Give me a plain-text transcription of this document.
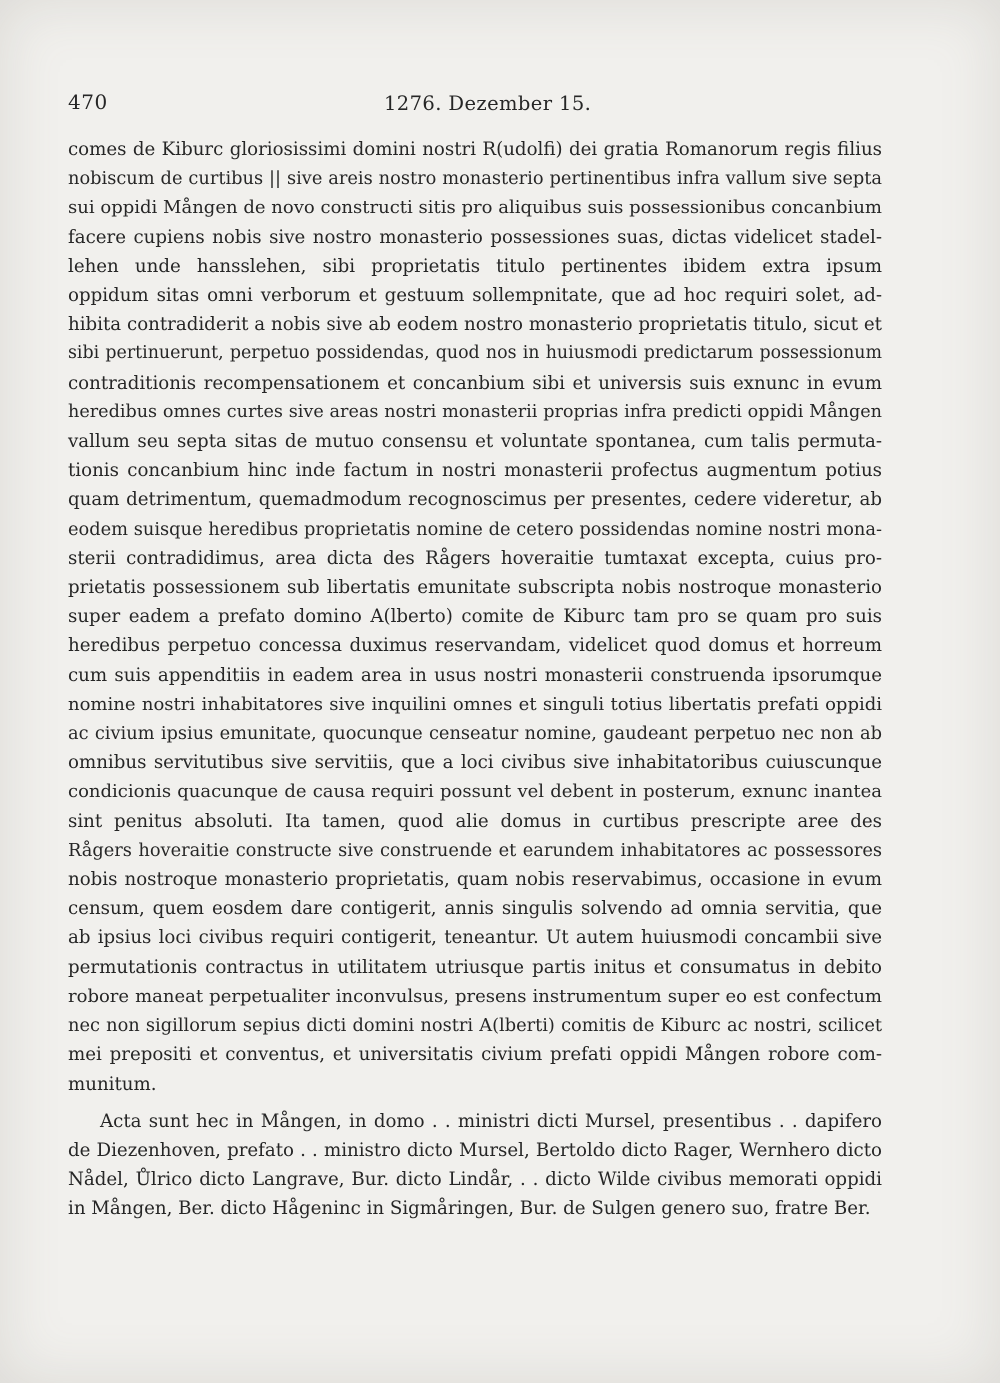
470	1276. Dezember 15.
comes de Kiburc gloriosissimi domini nostri R(udolfi) dei gratia Romanorum regis filius
nobiscum de curtibus || sive areis nostro monasterio pertinentibus infra vallum sive septa
sui oppidi Mången de novo constructi sitis pro aliquibus suis possessionibus concanbium
facere cupiens nobis sive nostro monasterio possessiones suas, dictas videlicet stadel-
lehen unde hansslehen, sibi proprietatis titulo pertinentes ibidem extra ipsum
oppidum sitas omni verborum et gestuum sollempnitate, que ad hoc requiri solet, ad-
hibita contradiderit a nobis sive ab eodem nostro monasterio proprietatis titulo, sicut et
sibi pertinuerunt, perpetuo possidendas, quod nos in huiusmodi predictarum possessionum
contraditionis recompensationem et concanbium sibi et universis suis exnunc in evum
heredibus omnes curtes sive areas nostri monasterii proprias infra predicti oppidi Mången
vallum seu septa sitas de mutuo consensu et voluntate spontanea, cum talis permuta-
tionis concanbium hinc inde factum in nostri monasterii profectus augmentum potius
quam detrimentum, quemadmodum recognoscimus per presentes, cedere videretur, ab
eodem suisque heredibus proprietatis nomine de cetero possidendas nomine nostri mona-
sterii contradidimus, area dicta des Rågers hoveraitie tumtaxat excepta, cuius pro-
prietatis possessionem sub libertatis emunitate subscripta nobis nostroque monasterio
super eadem a prefato domino A(lberto) comite de Kiburc tam pro se quam pro suis
heredibus perpetuo concessa duximus reservandam, videlicet quod domus et horreum
cum suis appenditiis in eadem area in usus nostri monasterii construenda ipsorumque
nomine nostri inhabitatores sive inquilini omnes et singuli totius libertatis prefati oppidi
ac civium ipsius emunitate, quocunque censeatur nomine, gaudeant perpetuo nec non ab
omnibus servitutibus sive servitiis, que a loci civibus sive inhabitatoribus cuiuscunque
condicionis quacunque de causa requiri possunt vel debent in posterum, exnunc inantea
sint penitus absoluti. Ita tamen, quod alie domus in curtibus prescripte aree des
Rågers hoveraitie constructe sive construende et earundem inhabitatores ac possessores
nobis nostroque monasterio proprietatis, quam nobis reservabimus, occasione in evum
censum, quem eosdem dare contigerit, annis singulis solvendo ad omnia servitia, que
ab ipsius loci civibus requiri contigerit, teneantur. Ut autem huiusmodi concambii sive
permutationis contractus in utilitatem utriusque partis initus et consumatus in debito
robore maneat perpetualiter inconvulsus, presens instrumentum super eo est confectum
nec non sigillorum sepius dicti domini nostri A(lberti) comitis de Kiburc ac nostri, scilicet
mei prepositi et conventus, et universitatis civium prefati oppidi Mången robore com-
munitum.
Acta sunt hec in Mången, in domo . . ministri dicti Mursel, presentibus . . dapifero
de Diezenhoven, prefato . . ministro dicto Mursel, Bertoldo dicto Rager, Wernhero dicto
Nådel, Ůlrico dicto Langrave, Bur. dicto Lindår, . . dicto Wilde civibus memorati oppidi
in Mången, Ber. dicto Hågeninc in Sigmåringen, Bur. de Sulgen genero suo, fratre Ber.
